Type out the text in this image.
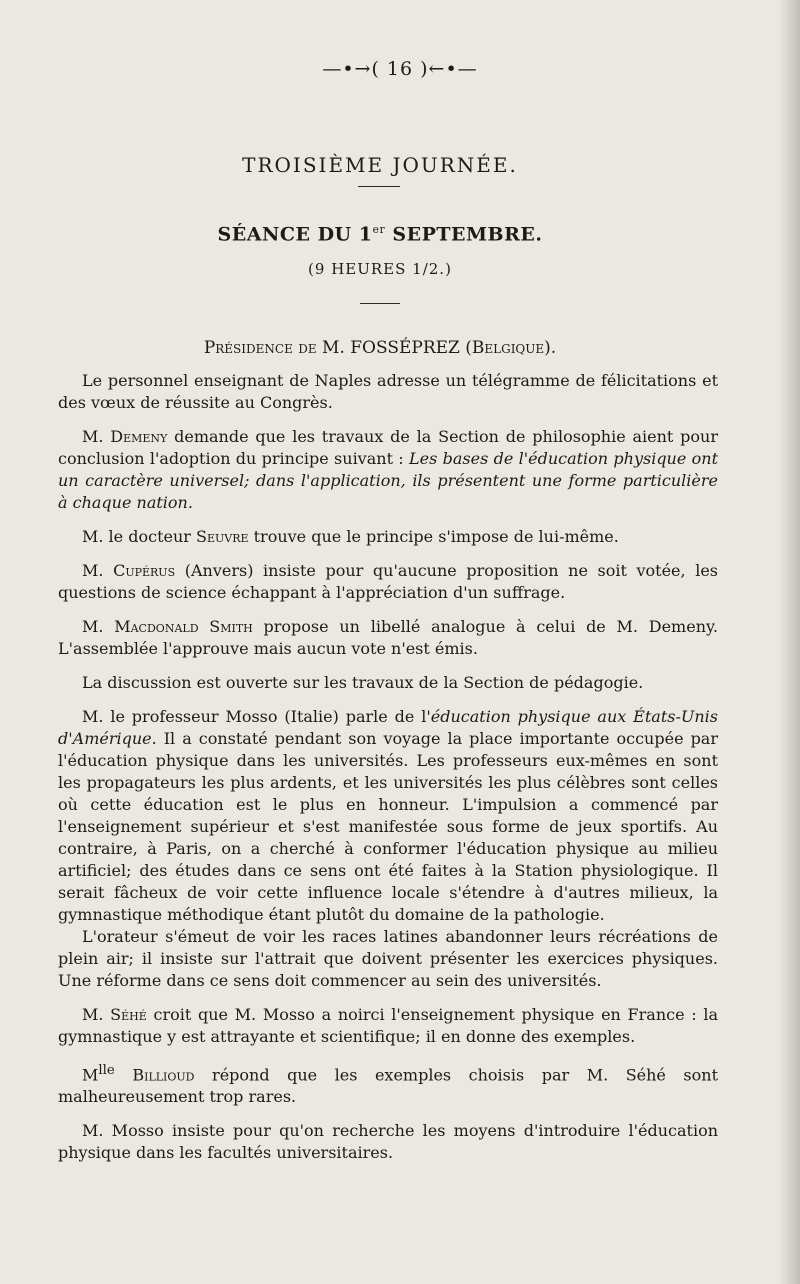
—•→( 16 )←•—
TROISIÈME JOURNÉE.
SÉANCE DU 1er SEPTEMBRE.
(9 HEURES 1/2.)
Présidence de M. FOSSÉPREZ (Belgique).

Le personnel enseignant de Naples adresse un télégramme de félicitations et des vœux de réussite au Congrès.

M. Demeny demande que les travaux de la Section de philosophie aient pour conclusion l'adoption du principe suivant : Les bases de l'éducation physique ont un caractère universel; dans l'application, ils présentent une forme particulière à chaque nation.

M. le docteur Seuvre trouve que le principe s'impose de lui-même.

M. Cupérus (Anvers) insiste pour qu'aucune proposition ne soit votée, les questions de science échappant à l'appréciation d'un suffrage.

M. Macdonald Smith propose un libellé analogue à celui de M. Demeny. L'assemblée l'approuve mais aucun vote n'est émis.

La discussion est ouverte sur les travaux de la Section de pédagogie.

M. le professeur Mosso (Italie) parle de l'éducation physique aux États-Unis d'Amérique. Il a constaté pendant son voyage la place importante occupée par l'éducation physique dans les universités. Les professeurs eux-mêmes en sont les propagateurs les plus ardents, et les universités les plus célèbres sont celles où cette éducation est le plus en honneur. L'impulsion a commencé par l'enseignement supérieur et s'est manifestée sous forme de jeux sportifs. Au contraire, à Paris, on a cherché à conformer l'éducation physique au milieu artificiel; des études dans ce sens ont été faites à la Station physiologique. Il serait fâcheux de voir cette influence locale s'étendre à d'autres milieux, la gymnastique méthodique étant plutôt du domaine de la pathologie.

L'orateur s'émeut de voir les races latines abandonner leurs récréations de plein air; il insiste sur l'attrait que doivent présenter les exercices physiques. Une réforme dans ce sens doit commencer au sein des universités.

M. Séhé croit que M. Mosso a noirci l'enseignement physique en France : la gymnastique y est attrayante et scientifique; il en donne des exemples.

$M^{lle}$ Billioud répond que les exemples choisis par M. Séhé sont malheureusement trop rares.

M. Mosso insiste pour qu'on recherche les moyens d'introduire l'éducation physique dans les facultés universitaires.
